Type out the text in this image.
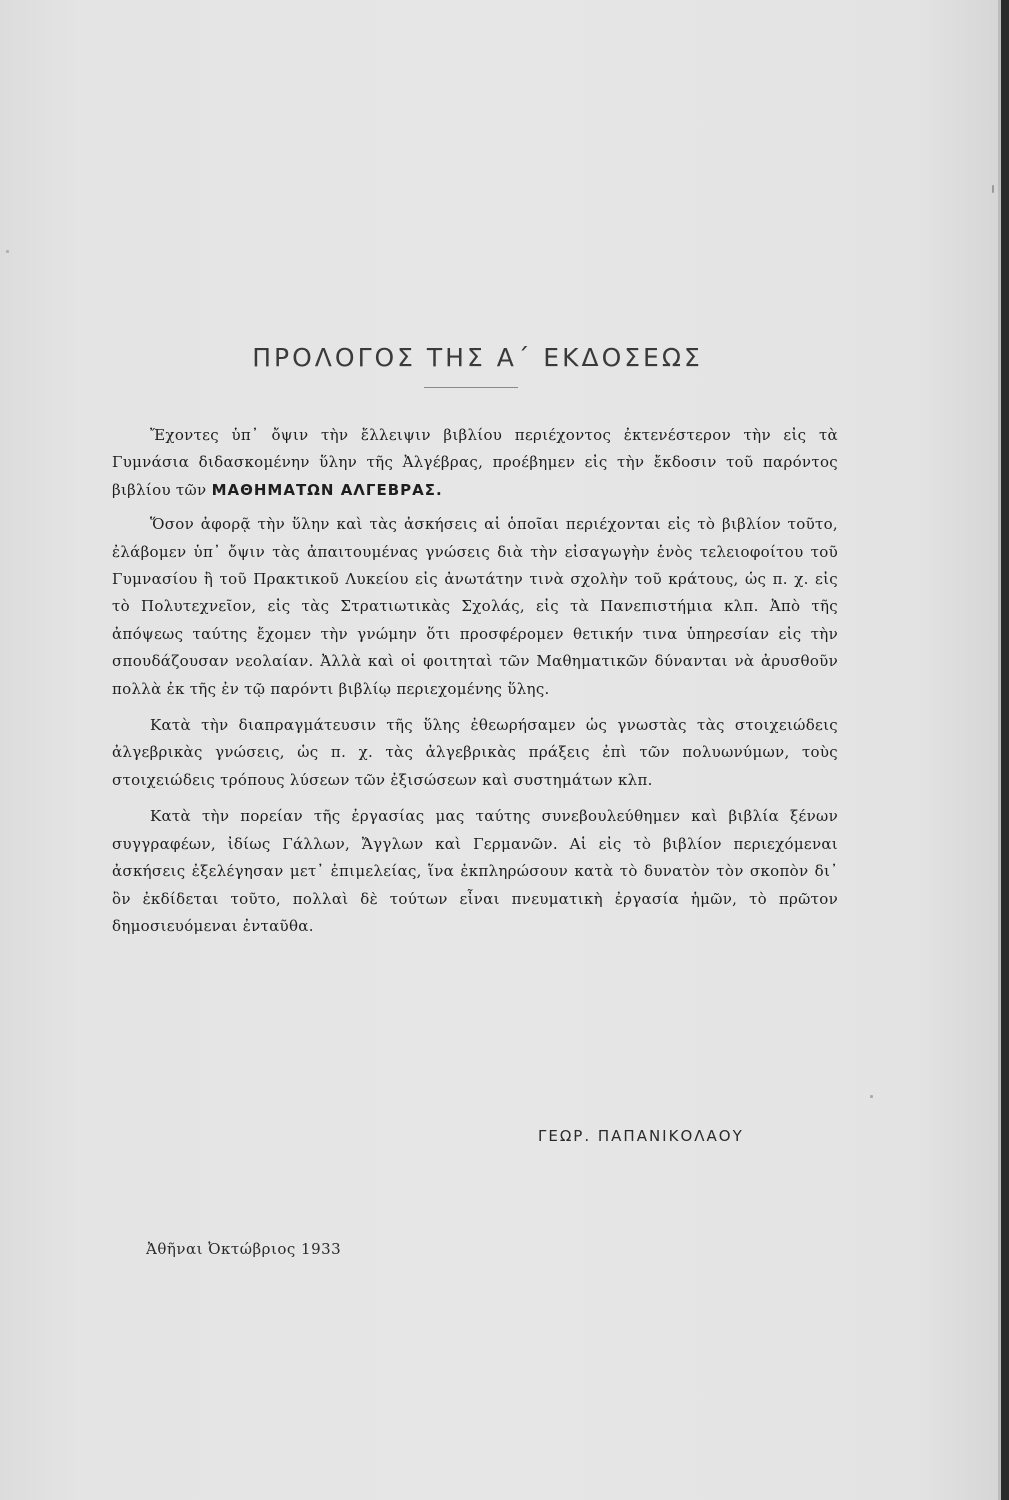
ΠΡΟΛΟΓΟΣ ΤΗΣ Α΄ ΕΚΔΟΣΕΩΣ

Ἔχοντες ὑπ᾽ ὄψιν τὴν ἔλλειψιν βιβλίου περιέχοντος ἐκτενέστερον τὴν εἰς τὰ Γυμνάσια διδασκομένην ὕλην τῆς Ἀλγέβρας, προέβημεν εἰς τὴν ἔκδοσιν τοῦ παρόντος βιβλίου τῶν ΜΑΘΗΜΑΤΩΝ ΑΛΓΕΒΡΑΣ.

Ὅσον ἀφορᾷ τὴν ὕλην καὶ τὰς ἀσκήσεις αἱ ὁποῖαι περιέχονται εἰς τὸ βιβλίον τοῦτο, ἐλάβομεν ὑπ᾽ ὄψιν τὰς ἀπαιτουμένας γνώσεις διὰ τὴν εἰσαγωγὴν ἑνὸς τελειοφοίτου τοῦ Γυμνασίου ἢ τοῦ Πρακτικοῦ Λυκείου εἰς ἀνωτάτην τινὰ σχολὴν τοῦ κράτους, ὡς π. χ. εἰς τὸ Πολυτεχνεῖον, εἰς τὰς Στρατιωτικὰς Σχολάς, εἰς τὰ Πανεπιστήμια κλπ. Ἀπὸ τῆς ἀπόψεως ταύτης ἔχομεν τὴν γνώμην ὅτι προσφέρομεν θετικήν τινα ὑπηρεσίαν εἰς τὴν σπουδάζουσαν νεολαίαν. Ἀλλὰ καὶ οἱ φοιτηταὶ τῶν Μαθηματικῶν δύνανται νὰ ἀρυσθοῦν πολλὰ ἐκ τῆς ἐν τῷ παρόντι βιβλίῳ περιεχομένης ὕλης.

Κατὰ τὴν διαπραγμάτευσιν τῆς ὕλης ἐθεωρήσαμεν ὡς γνωστὰς τὰς στοιχειώδεις ἀλγεβρικὰς γνώσεις, ὡς π. χ. τὰς ἀλγεβρικὰς πράξεις ἐπὶ τῶν πολυωνύμων, τοὺς στοιχειώδεις τρόπους λύσεων τῶν ἐξισώσεων καὶ συστημάτων κλπ.

Κατὰ τὴν πορείαν τῆς ἐργασίας μας ταύτης συνεβουλεύθημεν καὶ βιβλία ξένων συγγραφέων, ἰδίως Γάλλων, Ἄγγλων καὶ Γερμανῶν. Αἱ εἰς τὸ βιβλίον περιεχόμεναι ἀσκήσεις ἐξελέγησαν μετ᾽ ἐπιμελείας, ἵνα ἐκπληρώσουν κατὰ τὸ δυνατὸν τὸν σκοπὸν δι᾽ ὃν ἐκδίδεται τοῦτο, πολλαὶ δὲ τούτων εἶναι πνευματικὴ ἐργασία ἡμῶν, τὸ πρῶτον δημοσιευόμεναι ἐνταῦθα.

ΓΕΩΡ. ΠΑΠΑΝΙΚΟΛΑΟΥ
Ἀθῆναι Ὀκτώβριος 1933
